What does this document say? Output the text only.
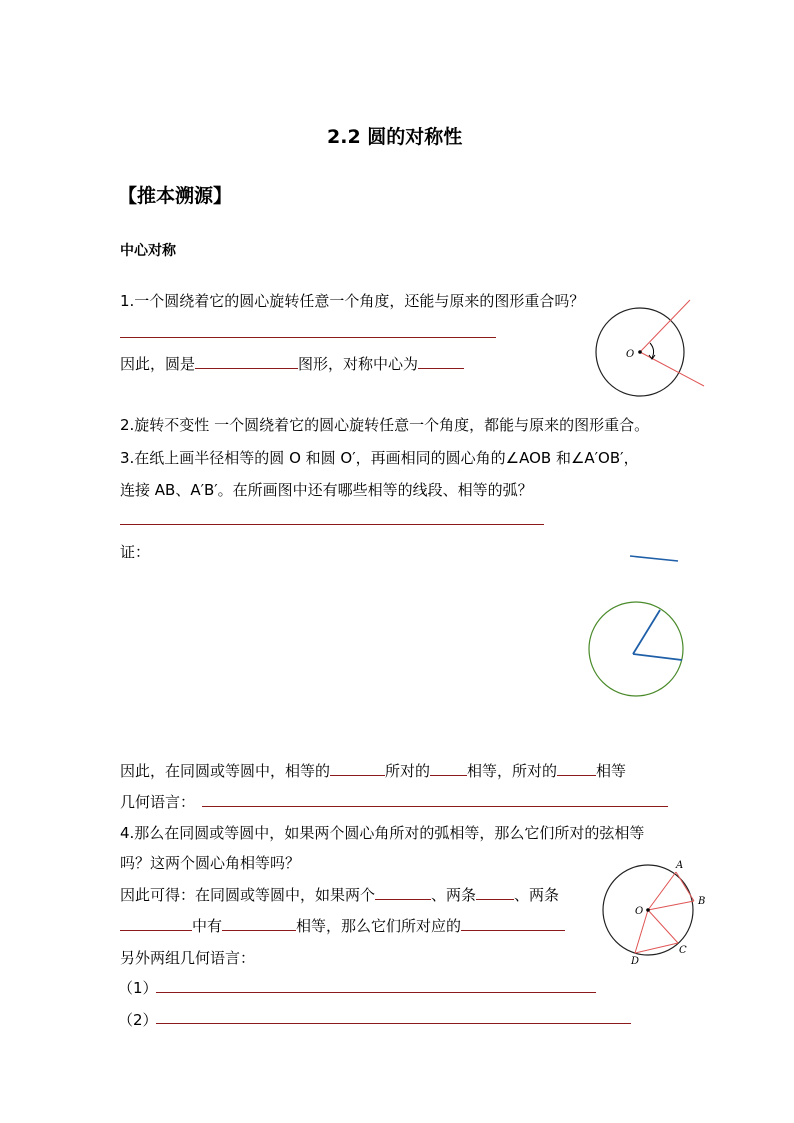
2.2 圆的对称性
【推本溯源】
中心对称
1.一个圆绕着它的圆心旋转任意一个角度，还能与原来的图形重合吗？
因此，圆是	图形，对称中心为
O
2.旋转不变性 一个圆绕着它的圆心旋转任意一个角度，都能与原来的图形重合。
3.在纸上画半径相等的圆 O 和圆 O′，再画相同的圆心角的∠AOB 和∠A′OB′，
连接 AB、A′B′。在所画图中还有哪些相等的线段、相等的弧？
证：
因此，在同圆或等圆中，相等的	所对的 相等，所对的	相等
几何语言：
4.那么在同圆或等圆中，如果两个圆心角所对的弧相等，那么它们所对的弦相等
吗？这两个圆心角相等吗？
因此可得：在同圆或等圆中，如果两个	、两条	、两条
中有	相等，那么它们所对应的
另外两组几何语言：
（1）
（2）
A
B
C
D
O
